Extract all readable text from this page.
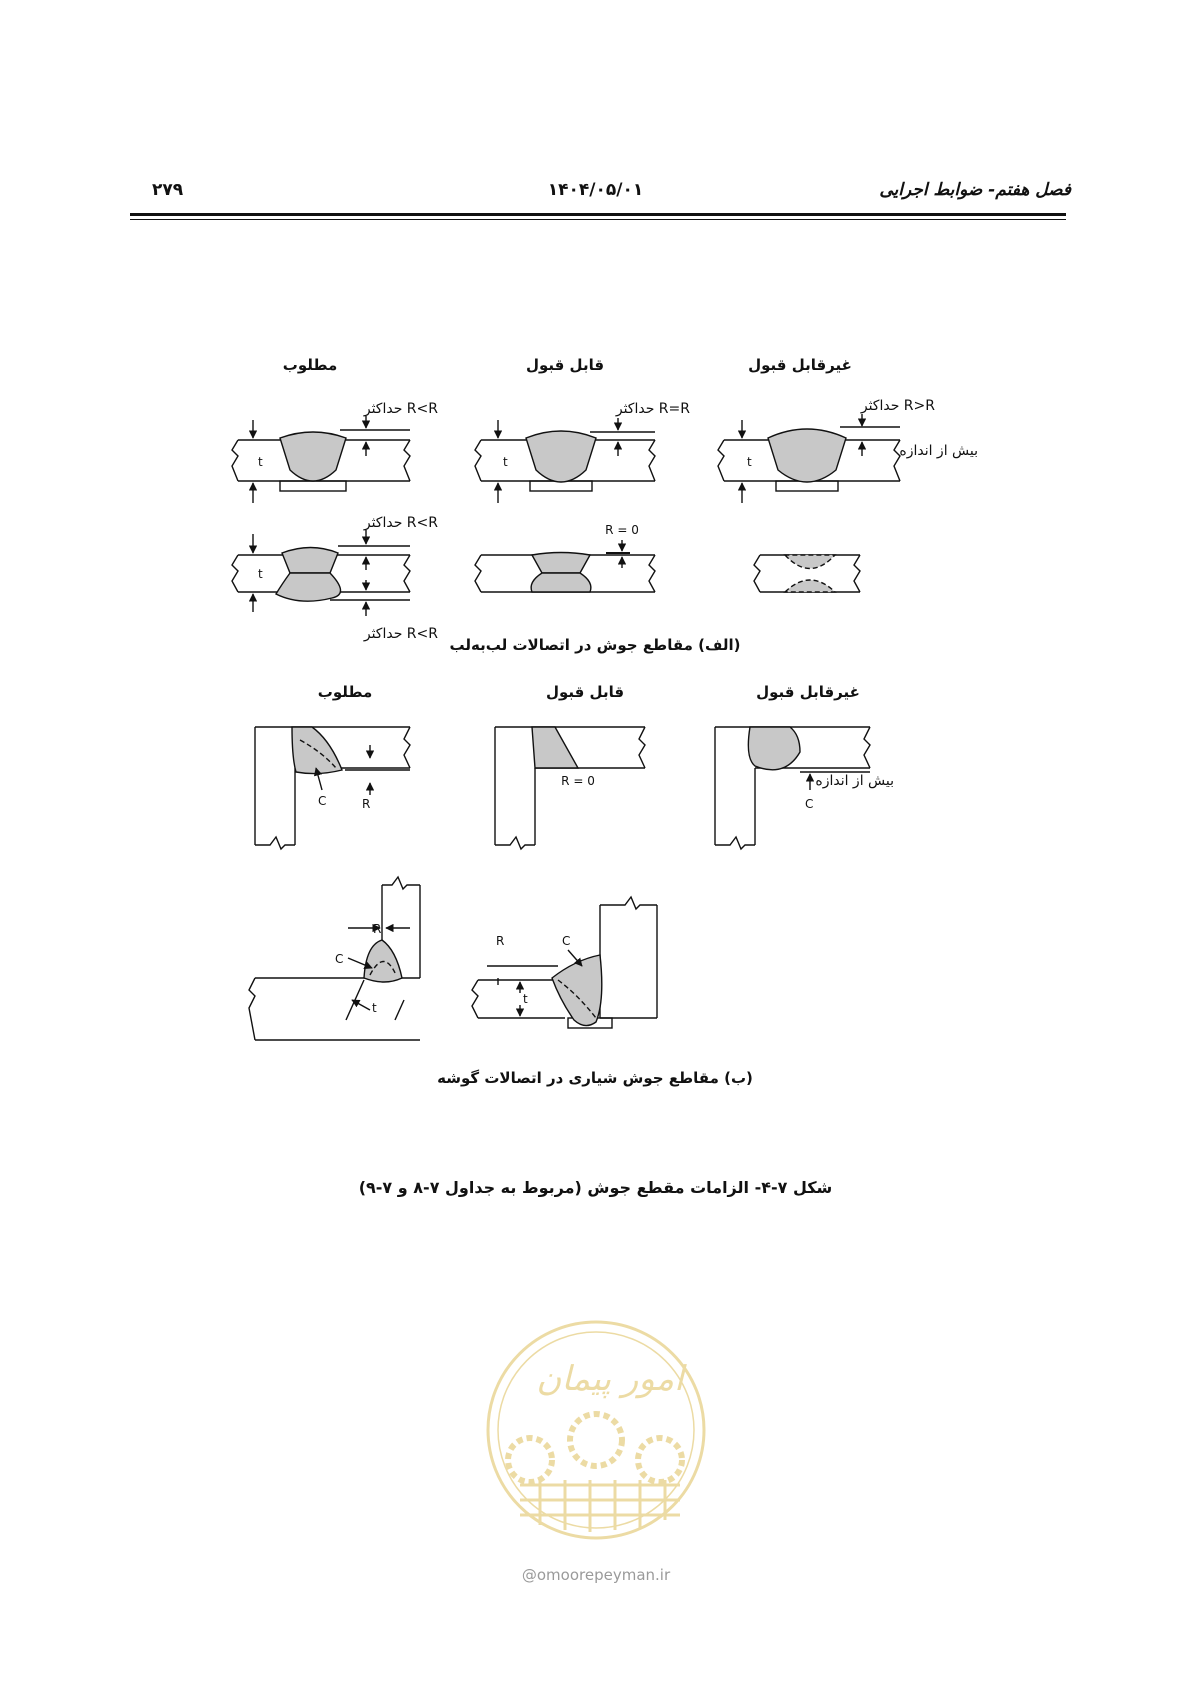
فصل هفتم- ضوابط اجرایی
۱۴۰۴/۰۵/۰۱
۲۷۹
مطلوب	قابل قبول	غیرقابل قبول
t
حداکثر R<R
t
حداکثر R=R
t
حداکثر R>R
بیش از اندازه
t
حداکثر R<R
حداکثر R<R
R = 0
(الف) مقاطع جوش در اتصالات لب‌به‌لب
مطلوب	قابل قبول	غیرقابل قبول
C	R
R = 0	بیش از اندازه
C
R
C
t
R	C
t
(ب) مقاطع جوش شیاری در اتصالات گوشه
امور پیمان
@omoorepeyman.ir
شکل ۷-۴- الزامات مقطع جوش (مربوط به جداول ۷-۸ و ۷-۹)
